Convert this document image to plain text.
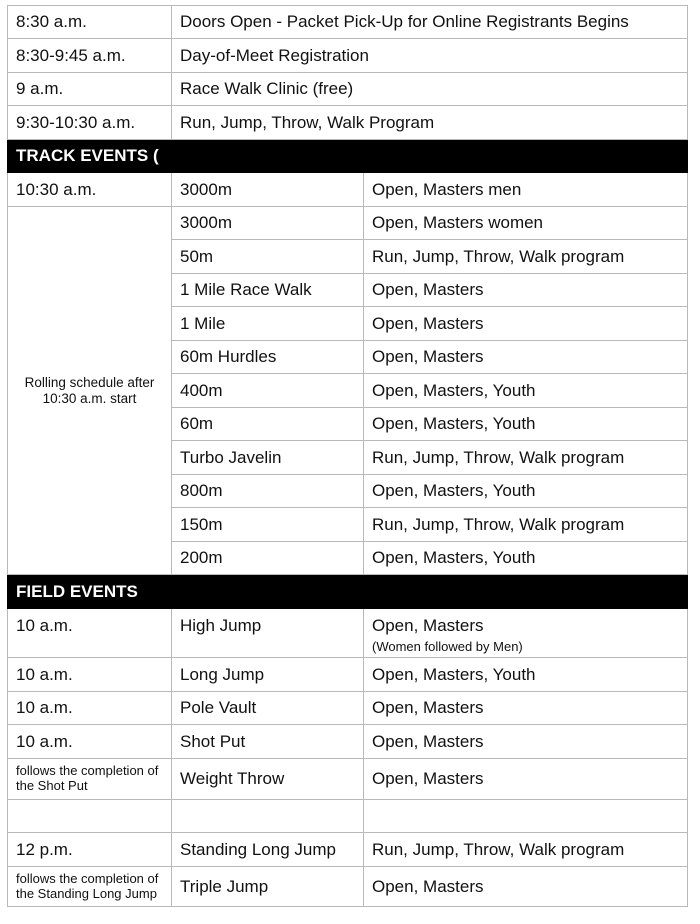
8:30 a.m.	Doors Open - Packet Pick-Up for Online Registrants Begins	
8:30-9:45 a.m.	Day-of-Meet Registration	
9 a.m.	Race Walk Clinic (free)	
9:30-10:30 a.m.	Run, Jump, Throw, Walk Program	
TRACK EVENTS (		
10:30 a.m.	3000m	Open, Masters men
Rolling schedule after 10:30 a.m. start	3000m	Open, Masters women
	50m	Run, Jump, Throw, Walk program
	1 Mile Race Walk	Open, Masters
	1 Mile	Open, Masters
	60m Hurdles	Open, Masters
	400m	Open, Masters, Youth
	60m	Open, Masters, Youth
	Turbo Javelin	Run, Jump, Throw, Walk program
	800m	Open, Masters, Youth
	150m	Run, Jump, Throw, Walk program
	200m	Open, Masters, Youth
FIELD EVENTS		
10 a.m.	High Jump	Open, Masters
(Women followed by Men)

10 a.m.	Long Jump	Open, Masters, Youth
10 a.m.	Pole Vault	Open, Masters
10 a.m.	Shot Put	Open, Masters
follows the completion of the Shot Put	Weight Throw	Open, Masters

12 p.m.	Standing Long Jump	Run, Jump, Throw, Walk program
follows the completion of the Standing Long Jump	Triple Jump	Open, Masters
